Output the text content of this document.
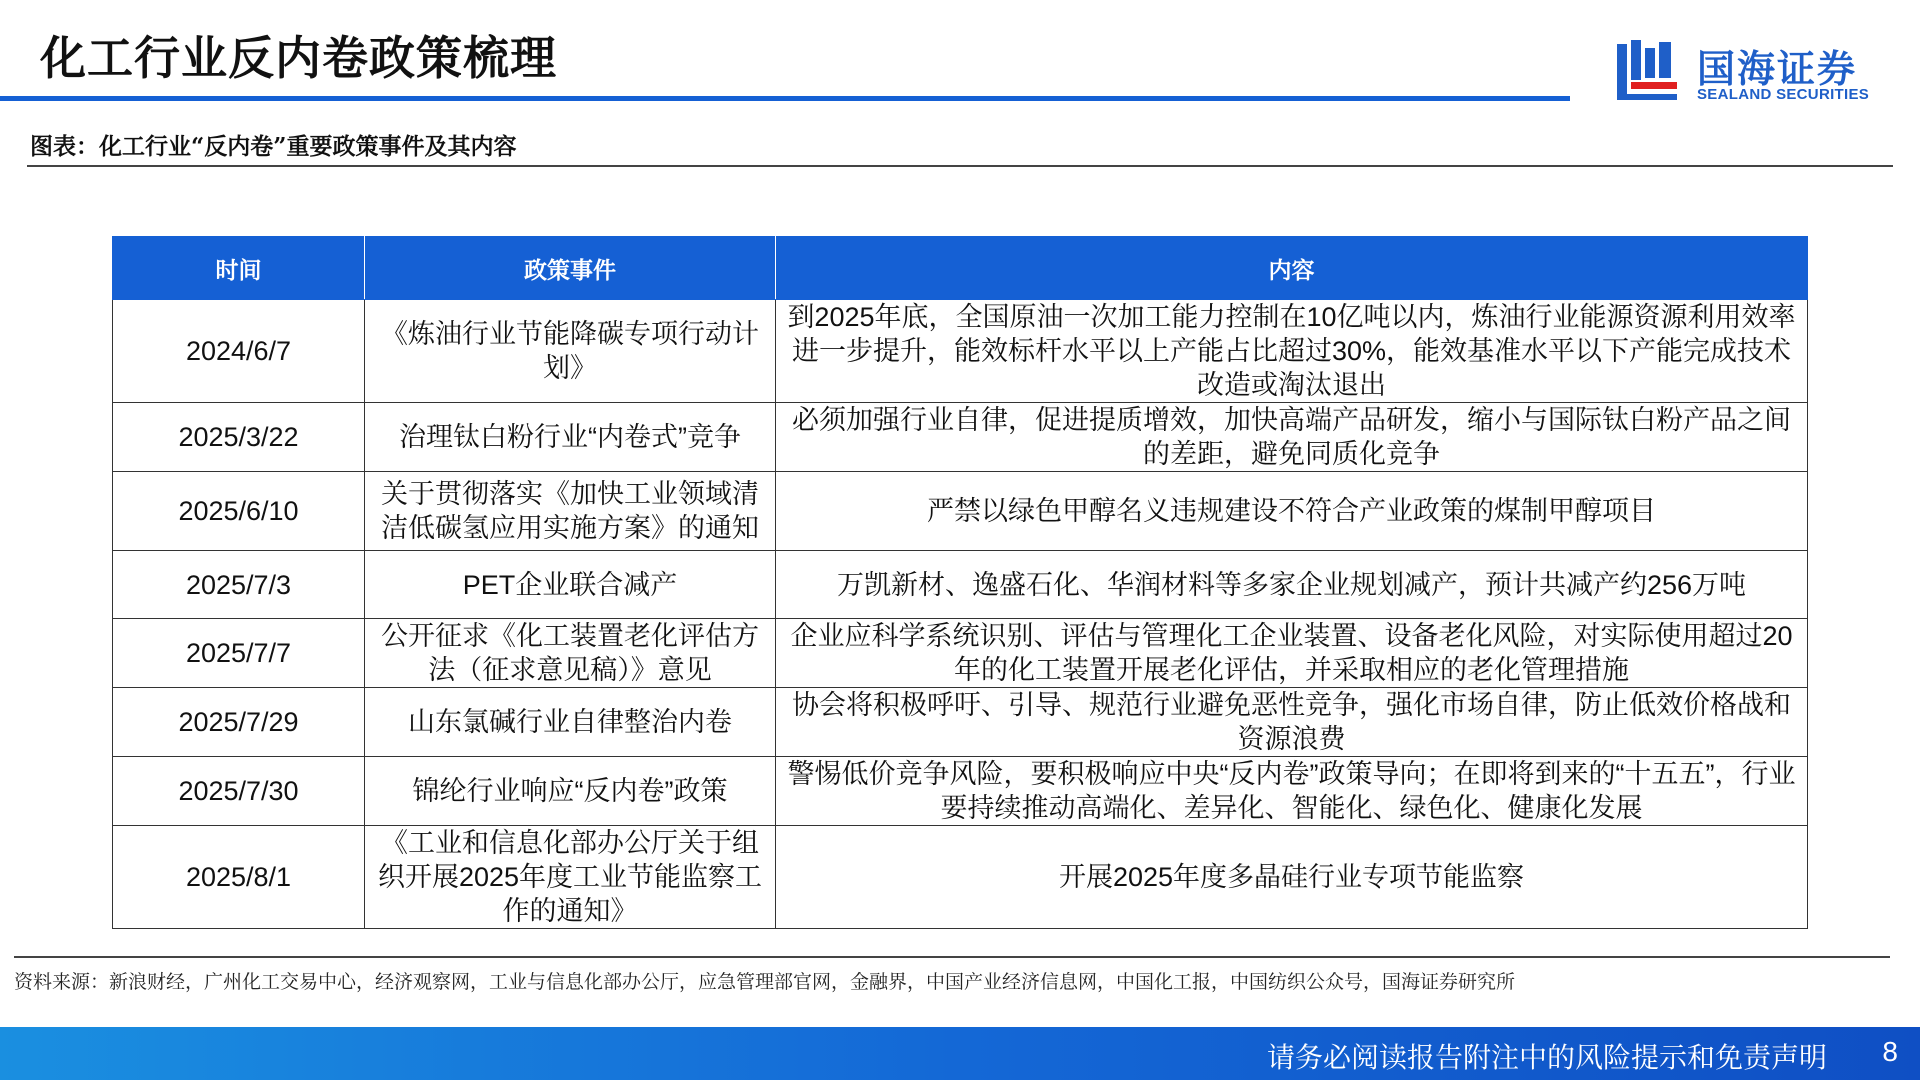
化工行业反内卷政策梳理	国海证券
SEALAND SECURITIES
图表：化工行业“反内卷”重要政策事件及其内容
时间	政策事件	内容
2024/6/7	《炼油行业节能降碳专项行动计划》	到2025年底，全国原油一次加工能力控制在10亿吨以内，炼油行业能源资源利用效率进一步提升，能效标杆水平以上产能占比超过30%，能效基准水平以下产能完成技术改造或淘汰退出
2025/3/22	治理钛白粉行业“内卷式”竞争	必须加强行业自律，促进提质增效，加快高端产品研发，缩小与国际钛白粉产品之间的差距，避免同质化竞争
2025/6/10	关于贯彻落实《加快工业领域清洁低碳氢应用实施方案》的通知	严禁以绿色甲醇名义违规建设不符合产业政策的煤制甲醇项目
2025/7/3	PET企业联合减产	万凯新材、逸盛石化、华润材料等多家企业规划减产，预计共减产约256万吨
2025/7/7	公开征求《化工装置老化评估方法（征求意见稿）》意见	企业应科学系统识别、评估与管理化工企业装置、设备老化风险，对实际使用超过20年的化工装置开展老化评估，并采取相应的老化管理措施
2025/7/29	山东氯碱行业自律整治内卷	协会将积极呼吁、引导、规范行业避免恶性竞争，强化市场自律，防止低效价格战和资源浪费
2025/7/30	锦纶行业响应“反内卷”政策	警惕低价竞争风险，要积极响应中央“反内卷”政策导向；在即将到来的“十五五”，行业要持续推动高端化、差异化、智能化、绿色化、健康化发展
2025/8/1	《工业和信息化部办公厅关于组织开展2025年度工业节能监察工作的通知》	开展2025年度多晶硅行业专项节能监察
资料来源：新浪财经，广州化工交易中心，经济观察网，工业与信息化部办公厅，应急管理部官网，金融界，中国产业经济信息网，中国化工报，中国纺织公众号，国海证券研究所
请务必阅读报告附注中的风险提示和免责声明 8
